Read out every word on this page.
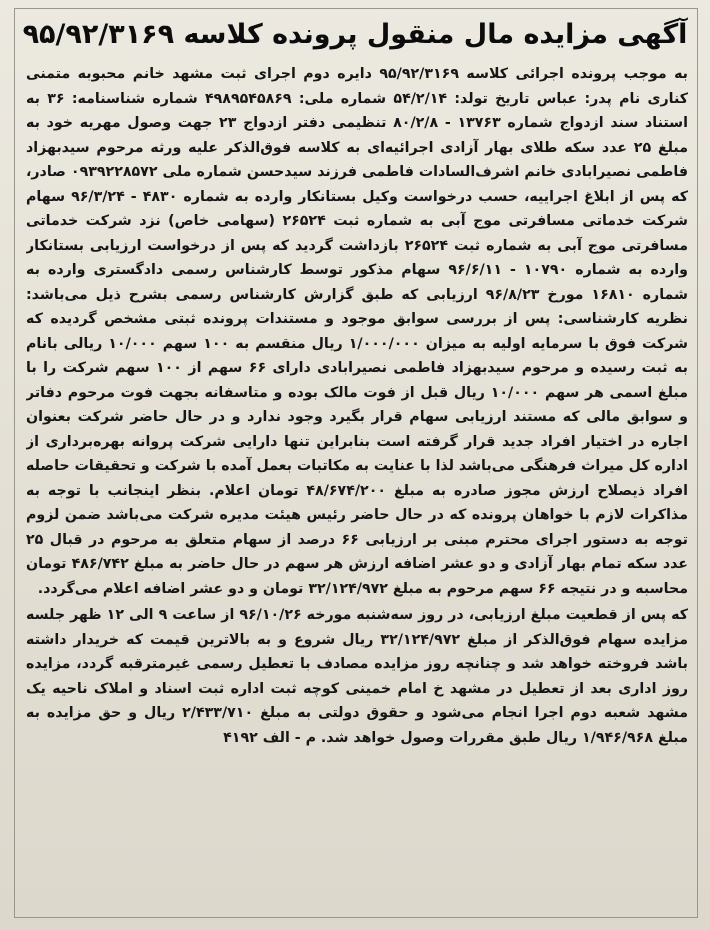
آگهی مزایده مال منقول پرونده کلاسه ۹۵/۹۲/۳۱۶۹

به موجب پرونده اجرائی کلاسه ۹۵/۹۲/۳۱۶۹ دایره دوم اجرای ثبت مشهد خانم محبوبه متمنی کناری نام پدر: عباس تاریخ تولد: ۵۴/۲/۱۴ شماره ملی: ۴۹۸۹۵۴۵۸۶۹ شماره شناسنامه: ۳۶ به استناد سند ازدواج شماره ۱۳۷۶۳ - ۸۰/۲/۸ تنظیمی دفتر ازدواج ۲۳ جهت وصول مهریه خود به مبلغ ۲۵ عدد سکه طلای بهار آزادی اجرائیه‌ای به کلاسه فوق‌الذکر علیه ورثه مرحوم سیدبهزاد فاطمی نصیرابادی خانم اشرف‌السادات فاطمی فرزند سیدحسن شماره ملی ۰۹۳۹۲۲۸۵۷۲ صادر، که پس از ابلاغ اجراییه، حسب درخواست وکیل بستانکار وارده به شماره ۴۸۳۰ - ۹۶/۳/۲۴ سهام شرکت خدماتی مسافرتی موج آبی به شماره ثبت ۲۶۵۲۴ (سهامی خاص) نزد شرکت خدماتی مسافرتی موج آبی به شماره ثبت ۲۶۵۲۴ بازداشت گردید که پس از درخواست ارزیابی بستانکار وارده به شماره ۱۰۷۹۰ - ۹۶/۶/۱۱ سهام مذکور توسط کارشناس رسمی دادگستری وارده به شماره ۱۶۸۱۰ مورخ ۹۶/۸/۲۳ ارزیابی که طبق گزارش کارشناس رسمی بشرح ذیل می‌باشد: نظریه کارشناسی: پس از بررسی سوابق موجود و مستندات پرونده ثبتی مشخص گردیده که شرکت فوق با سرمایه اولیه به میزان ۱/۰۰۰/۰۰۰ ریال منقسم به ۱۰۰ سهم ۱۰/۰۰۰ ریالی بانام به ثبت رسیده و مرحوم سیدبهزاد فاطمی نصیرابادی دارای ۶۶ سهم از ۱۰۰ سهم شرکت را با مبلغ اسمی هر سهم ۱۰/۰۰۰ ریال قبل از فوت مالک بوده و متاسفانه بجهت فوت مرحوم دفاتر و سوابق مالی که مستند ارزیابی سهام قرار بگیرد وجود ندارد و در حال حاضر شرکت بعنوان اجاره در اختیار افراد جدید قرار گرفته است بنابراین تنها دارایی شرکت پروانه بهره‌برداری از اداره کل میراث فرهنگی می‌باشد لذا با عنایت به مکاتبات بعمل آمده با شرکت و تحقیقات حاصله افراد ذیصلاح ارزش مجوز صادره به مبلغ ۴۸/۶۷۴/۲۰۰ تومان اعلام. بنظر اینجانب با توجه به مذاکرات لازم با خواهان پرونده که در حال حاضر رئیس هیئت مدیره شرکت می‌باشد ضمن لزوم توجه به دستور اجرای محترم مبنی بر ارزیابی ۶۶ درصد از سهام متعلق به مرحوم در قبال ۲۵ عدد سکه تمام بهار آزادی و دو عشر اضافه ارزش هر سهم در حال حاضر به مبلغ ۴۸۶/۷۴۲ تومان محاسبه و در نتیجه ۶۶ سهم مرحوم به مبلغ ۳۲/۱۲۴/۹۷۲ تومان و دو عشر اضافه اعلام می‌گردد.

که پس از قطعیت مبلغ ارزیابی، در روز سه‌شنبه مورخه ۹۶/۱۰/۲۶ از ساعت ۹ الی ۱۲ ظهر جلسه مزایده سهام فوق‌الذکر از مبلغ ۳۲/۱۲۴/۹۷۲ ریال شروع و به بالاترین قیمت که خریدار داشته باشد فروخته خواهد شد و چنانچه روز مزایده مصادف با تعطیل رسمی غیرمترقبه گردد، مزایده روز اداری بعد از تعطیل در مشهد خ امام خمینی کوچه ثبت اداره ثبت اسناد و املاک ناحیه یک مشهد شعبه دوم اجرا انجام می‌شود و حقوق دولتی به مبلغ ۲/۴۳۳/۷۱۰ ریال و حق مزایده به مبلغ ۱/۹۴۶/۹۶۸ ریال طبق مقررات وصول خواهد شد. م - الف ۴۱۹۲
